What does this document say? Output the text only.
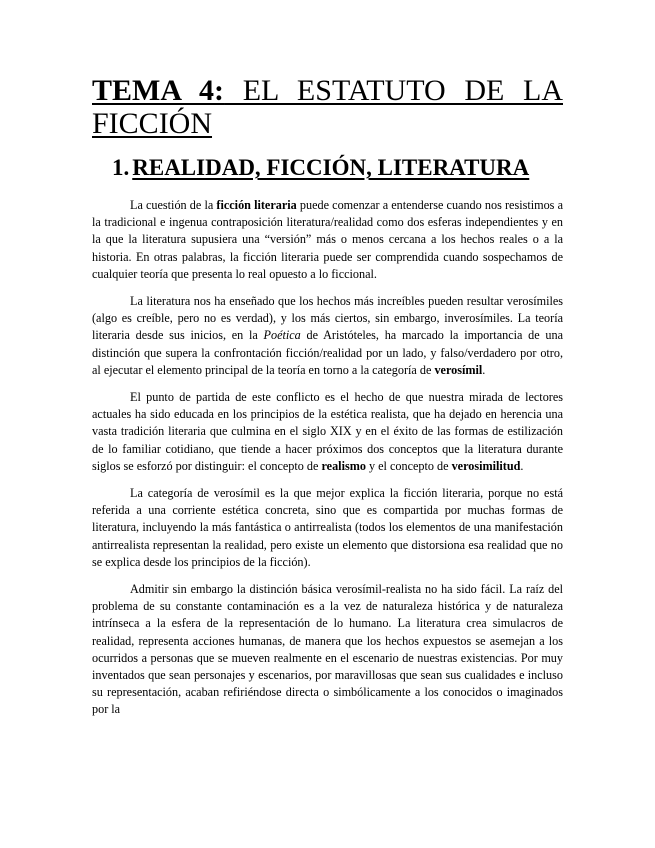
TEMA 4: EL ESTATUTO DE LA FICCIÓN
1. REALIDAD, FICCIÓN, LITERATURA

La cuestión de la ficción literaria puede comenzar a entenderse cuando nos resistimos a la tradicional e ingenua contraposición literatura/realidad como dos esferas independientes y en la que la literatura supusiera una “versión” más o menos cercana a los hechos reales o a la historia. En otras palabras, la ficción literaria puede ser comprendida cuando sospechamos de cualquier teoría que presenta lo real opuesto a lo ficcional.

La literatura nos ha enseñado que los hechos más increíbles pueden resultar verosímiles (algo es creíble, pero no es verdad), y los más ciertos, sin embargo, inverosímiles. La teoría literaria desde sus inicios, en la Poética de Aristóteles, ha marcado la importancia de una distinción que supera la confrontación ficción/realidad por un lado, y falso/verdadero por otro, al ejecutar el elemento principal de la teoría en torno a la categoría de verosímil.

El punto de partida de este conflicto es el hecho de que nuestra mirada de lectores actuales ha sido educada en los principios de la estética realista, que ha dejado en herencia una vasta tradición literaria que culmina en el siglo XIX y en el éxito de las formas de estilización de lo familiar cotidiano, que tiende a hacer próximos dos conceptos que la literatura durante siglos se esforzó por distinguir: el concepto de realismo y el concepto de verosimilitud.

La categoría de verosímil es la que mejor explica la ficción literaria, porque no está referida a una corriente estética concreta, sino que es compartida por muchas formas de literatura, incluyendo la más fantástica o antirrealista (todos los elementos de una manifestación antirrealista representan la realidad, pero existe un elemento que distorsiona esa realidad que no se explica desde los principios de la ficción).

Admitir sin embargo la distinción básica verosímil-realista no ha sido fácil. La raíz del problema de su constante contaminación es a la vez de naturaleza histórica y de naturaleza intrínseca a la esfera de la representación de lo humano. La literatura crea simulacros de realidad, representa acciones humanas, de manera que los hechos expuestos se asemejan a los ocurridos a personas que se mueven realmente en el escenario de nuestras existencias. Por muy inventados que sean personajes y escenarios, por maravillosas que sean sus cualidades e incluso su representación, acaban refiriéndose directa o simbólicamente a los conocidos o imaginados por la
